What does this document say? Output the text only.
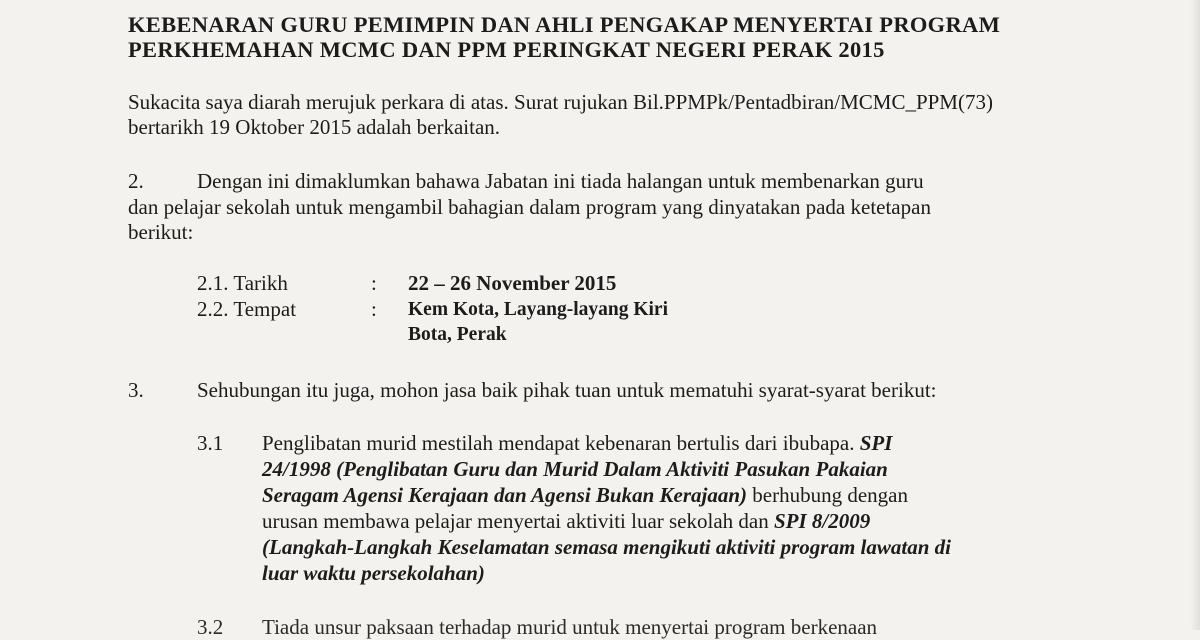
KEBENARAN GURU PEMIMPIN DAN AHLI PENGAKAP MENYERTAI PROGRAM
PERKHEMAHAN MCMC DAN PPM PERINGKAT NEGERI PERAK 2015
Sukacita saya diarah merujuk perkara di atas. Surat rujukan Bil.PPMPk/Pentadbiran/MCMC_PPM(73)
bertarikh 19 Oktober 2015 adalah berkaitan.
2.	Dengan ini dimaklumkan bahawa Jabatan ini tiada halangan untuk membenarkan guru
dan pelajar sekolah untuk mengambil bahagian dalam program yang dinyatakan pada ketetapan
berikut:
2.1. Tarikh	: 22 – 26 November 2015
2.2. Tempat	: Kem Kota, Layang-layang Kiri
Bota, Perak
3.	Sehubungan itu juga, mohon jasa baik pihak tuan untuk mematuhi syarat-syarat berikut:
3.1 Penglibatan murid mestilah mendapat kebenaran bertulis dari ibubapa. SPI
24/1998 (Penglibatan Guru dan Murid Dalam Aktiviti Pasukan Pakaian
Seragam Agensi Kerajaan dan Agensi Bukan Kerajaan) berhubung dengan
urusan membawa pelajar menyertai aktiviti luar sekolah dan SPI 8/2009
(Langkah-Langkah Keselamatan semasa mengikuti aktiviti program lawatan di
luar waktu persekolahan)
3.2 Tiada unsur paksaan terhadap murid untuk menyertai program berkenaan
